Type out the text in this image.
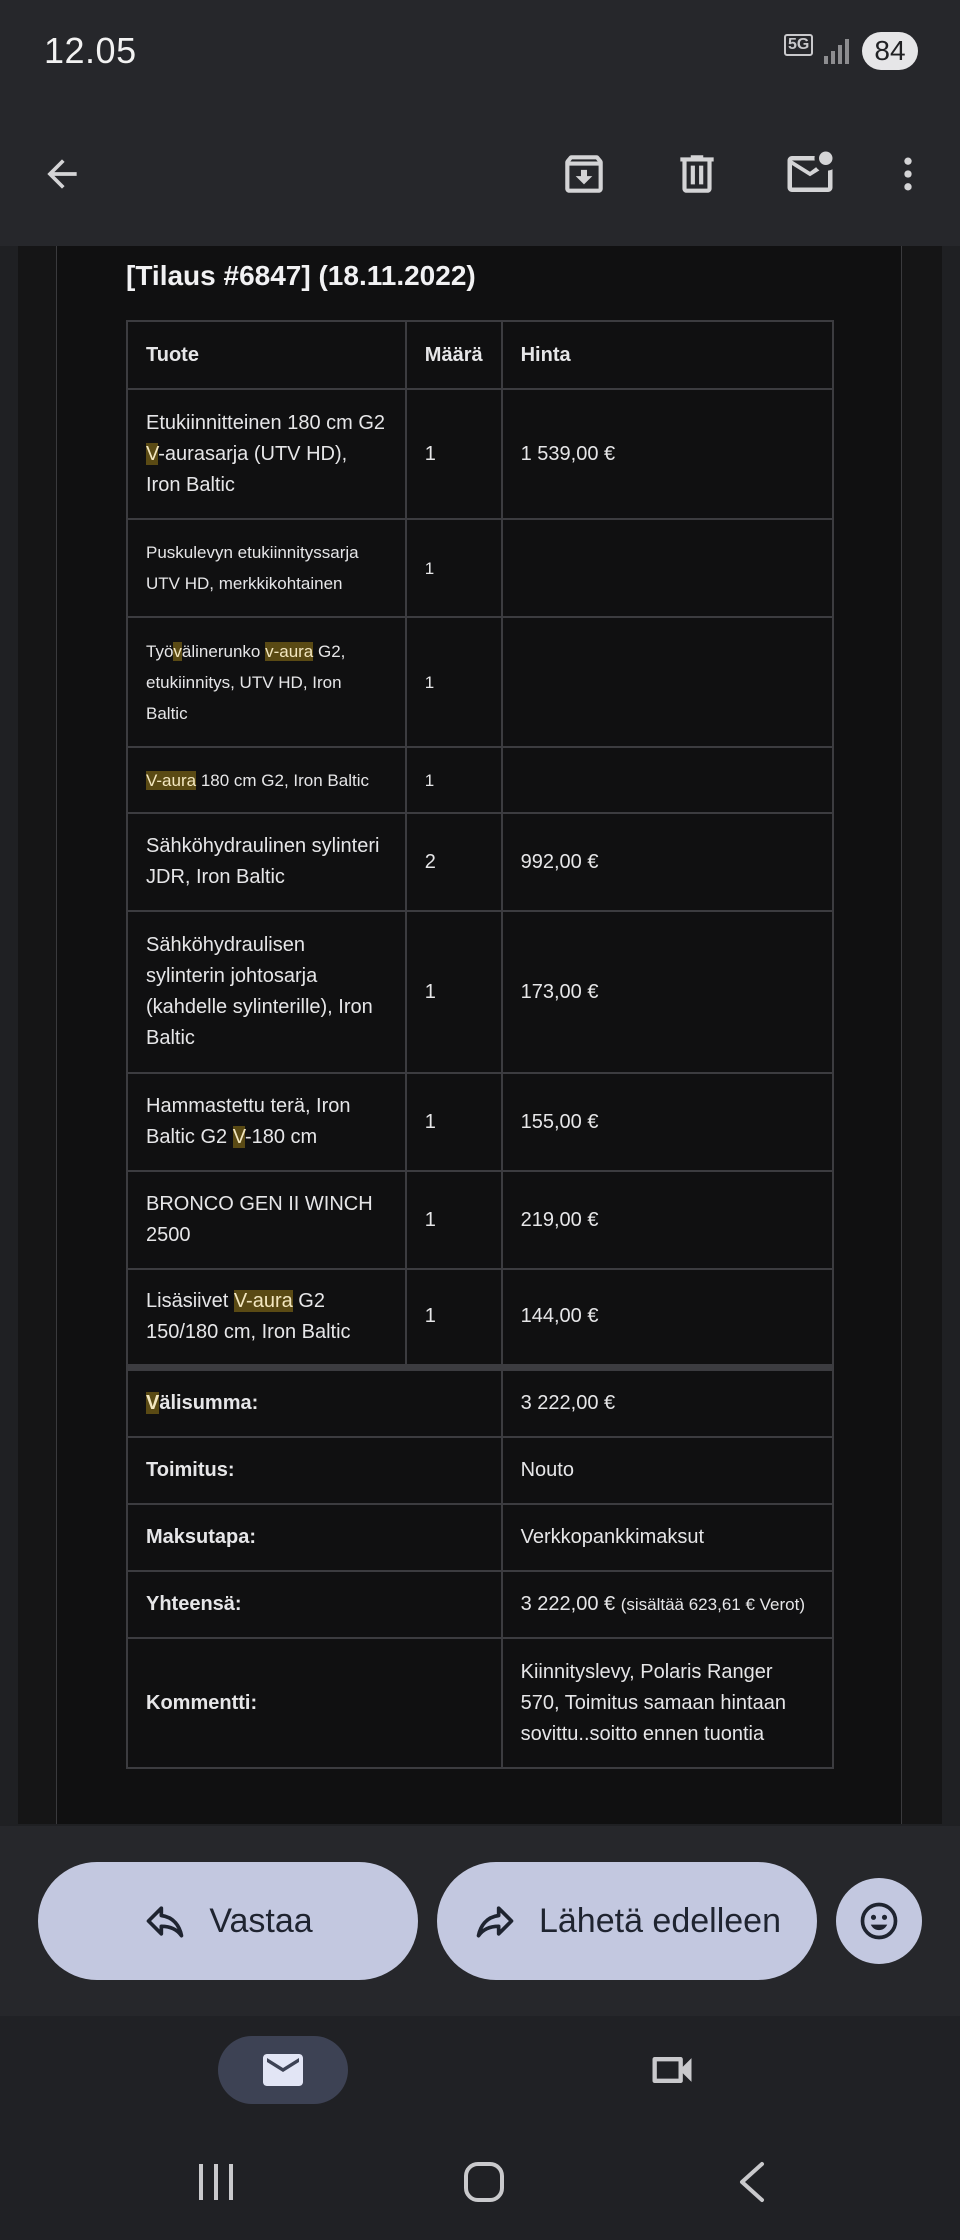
12.05	5G	84
[Tilaus #6847] (18.11.2022)
Tuote	Määrä	Hinta
Etukiinnitteinen 180 cm G2 V-aurasarja (UTV HD), Iron Baltic	1	1 539,00 €
Puskulevyn etukiinnityssarja UTV HD, merkkikohtainen	1	
Työvälinerunko v-aura G2, etukiinnitys, UTV HD, Iron Baltic	1	
V-aura 180 cm G2, Iron Baltic	1	
Sähköhydraulinen sylinteri JDR, Iron Baltic	2	992,00 €
Sähköhydraulisen sylinterin johtosarja (kahdelle sylinterille), Iron Baltic	1	173,00 €
Hammastettu terä, Iron Baltic G2 V-180 cm	1	155,00 €
BRONCO GEN II WINCH 2500	1	219,00 €
Lisäsiivet V-aura G2 150/180 cm, Iron Baltic	1	144,00 €
Välisumma:		3 222,00 €
Toimitus:		Nouto
Maksutapa:		Verkkopankkimaksut
Yhteensä:		3 222,00 € (sisältää 623,61 € Verot)
Kommentti:		Kiinnityslevy, Polaris Ranger 570, Toimitus samaan hintaan sovittu..soitto ennen tuontia
Vastaa	Lähetä edelleen
